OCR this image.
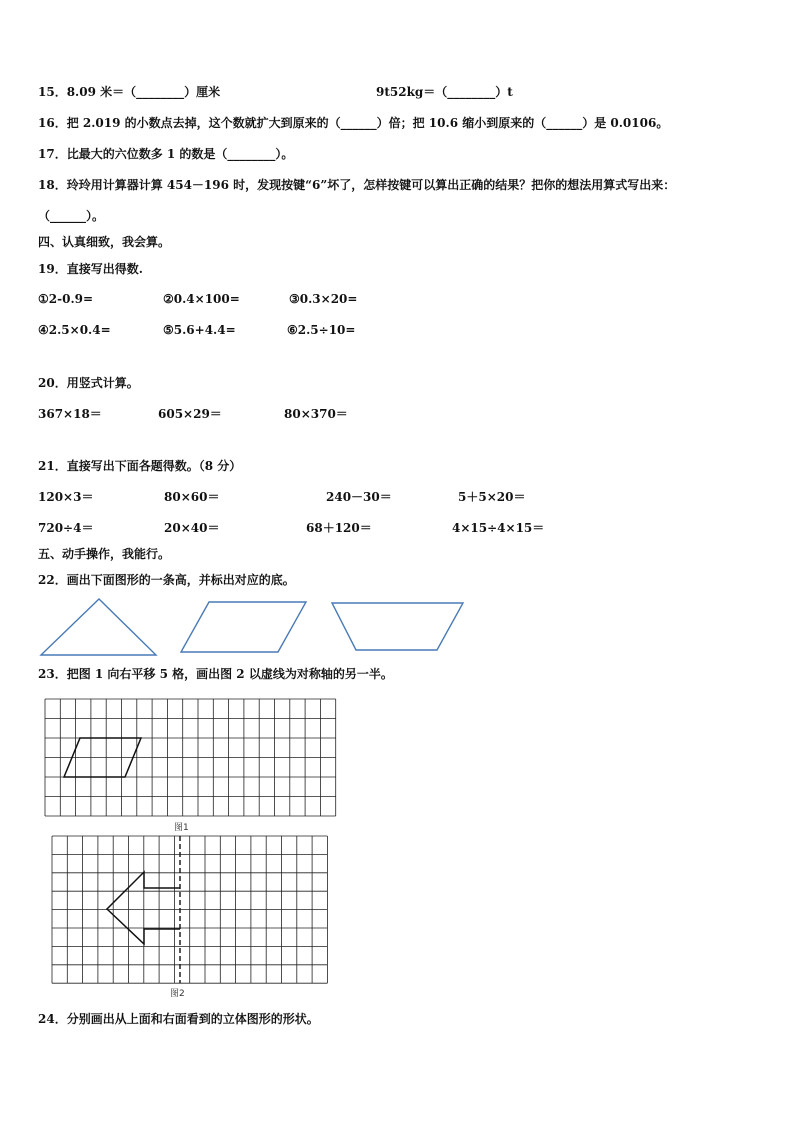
15．8.09 米＝（________）厘米	9t52kg＝（________）t
16．把 2.019 的小数点去掉，这个数就扩大到原来的（______）倍；把 10.6 缩小到原来的（______）是 0.0106。
17．比最大的六位数多 1 的数是（________）。
18．玲玲用计算器计算 454－196 时，发现按键“6”坏了，怎样按键可以算出正确的结果？把你的想法用算式写出来：
（______）。
四、认真细致，我会算。
19．直接写出得数.
①2-0.9=	②0.4×100=	③0.3×20=
④2.5×0.4=	⑤5.6+4.4=	⑥2.5÷10=
20．用竖式计算。
367×18＝	605×29＝	80×370＝
21．直接写出下面各题得数。（8 分）
120×3＝	80×60＝	240－30＝	5＋5×20＝
720÷4＝	20×40＝	68＋120＝	4×15÷4×15＝
五、动手操作，我能行。
22．画出下面图形的一条高，并标出对应的底。
23．把图 1 向右平移 5 格，画出图 2 以虚线为对称轴的另一半。
图1
图2
24．分别画出从上面和右面看到的立体图形的形状。
